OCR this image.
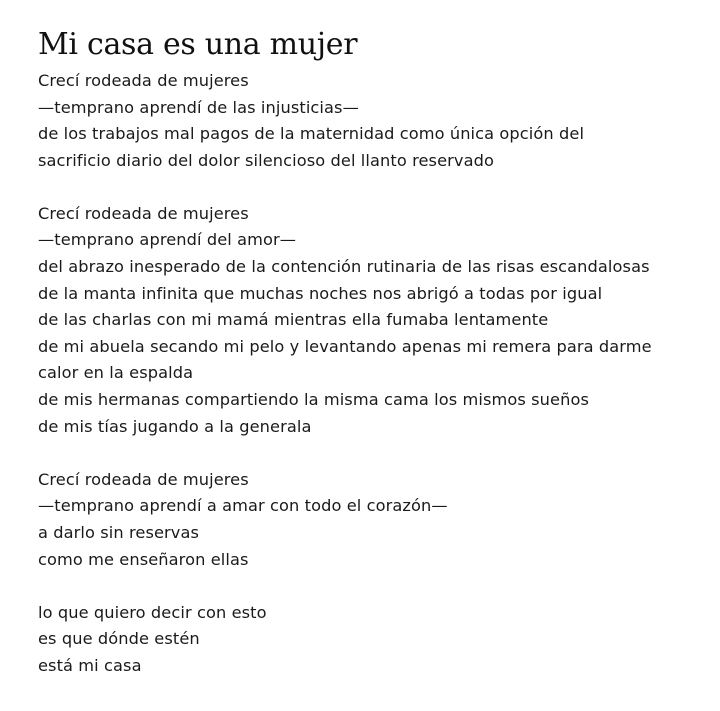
Mi casa es una mujer
Crecí rodeada de mujeres
—temprano aprendí de las injusticias—
de los trabajos mal pagos de la maternidad como única opción del
sacrificio diario del dolor silencioso del llanto reservado
Crecí rodeada de mujeres
—temprano aprendí del amor—
del abrazo inesperado de la contención rutinaria de las risas escandalosas
de la manta infinita que muchas noches nos abrigó a todas por igual
de las charlas con mi mamá mientras ella fumaba lentamente
de mi abuela secando mi pelo y levantando apenas mi remera para darme
calor en la espalda
de mis hermanas compartiendo la misma cama los mismos sueños
de mis tías jugando a la generala
Crecí rodeada de mujeres
—temprano aprendí a amar con todo el corazón—
a darlo sin reservas
como me enseñaron ellas
lo que quiero decir con esto
es que dónde estén
está mi casa
